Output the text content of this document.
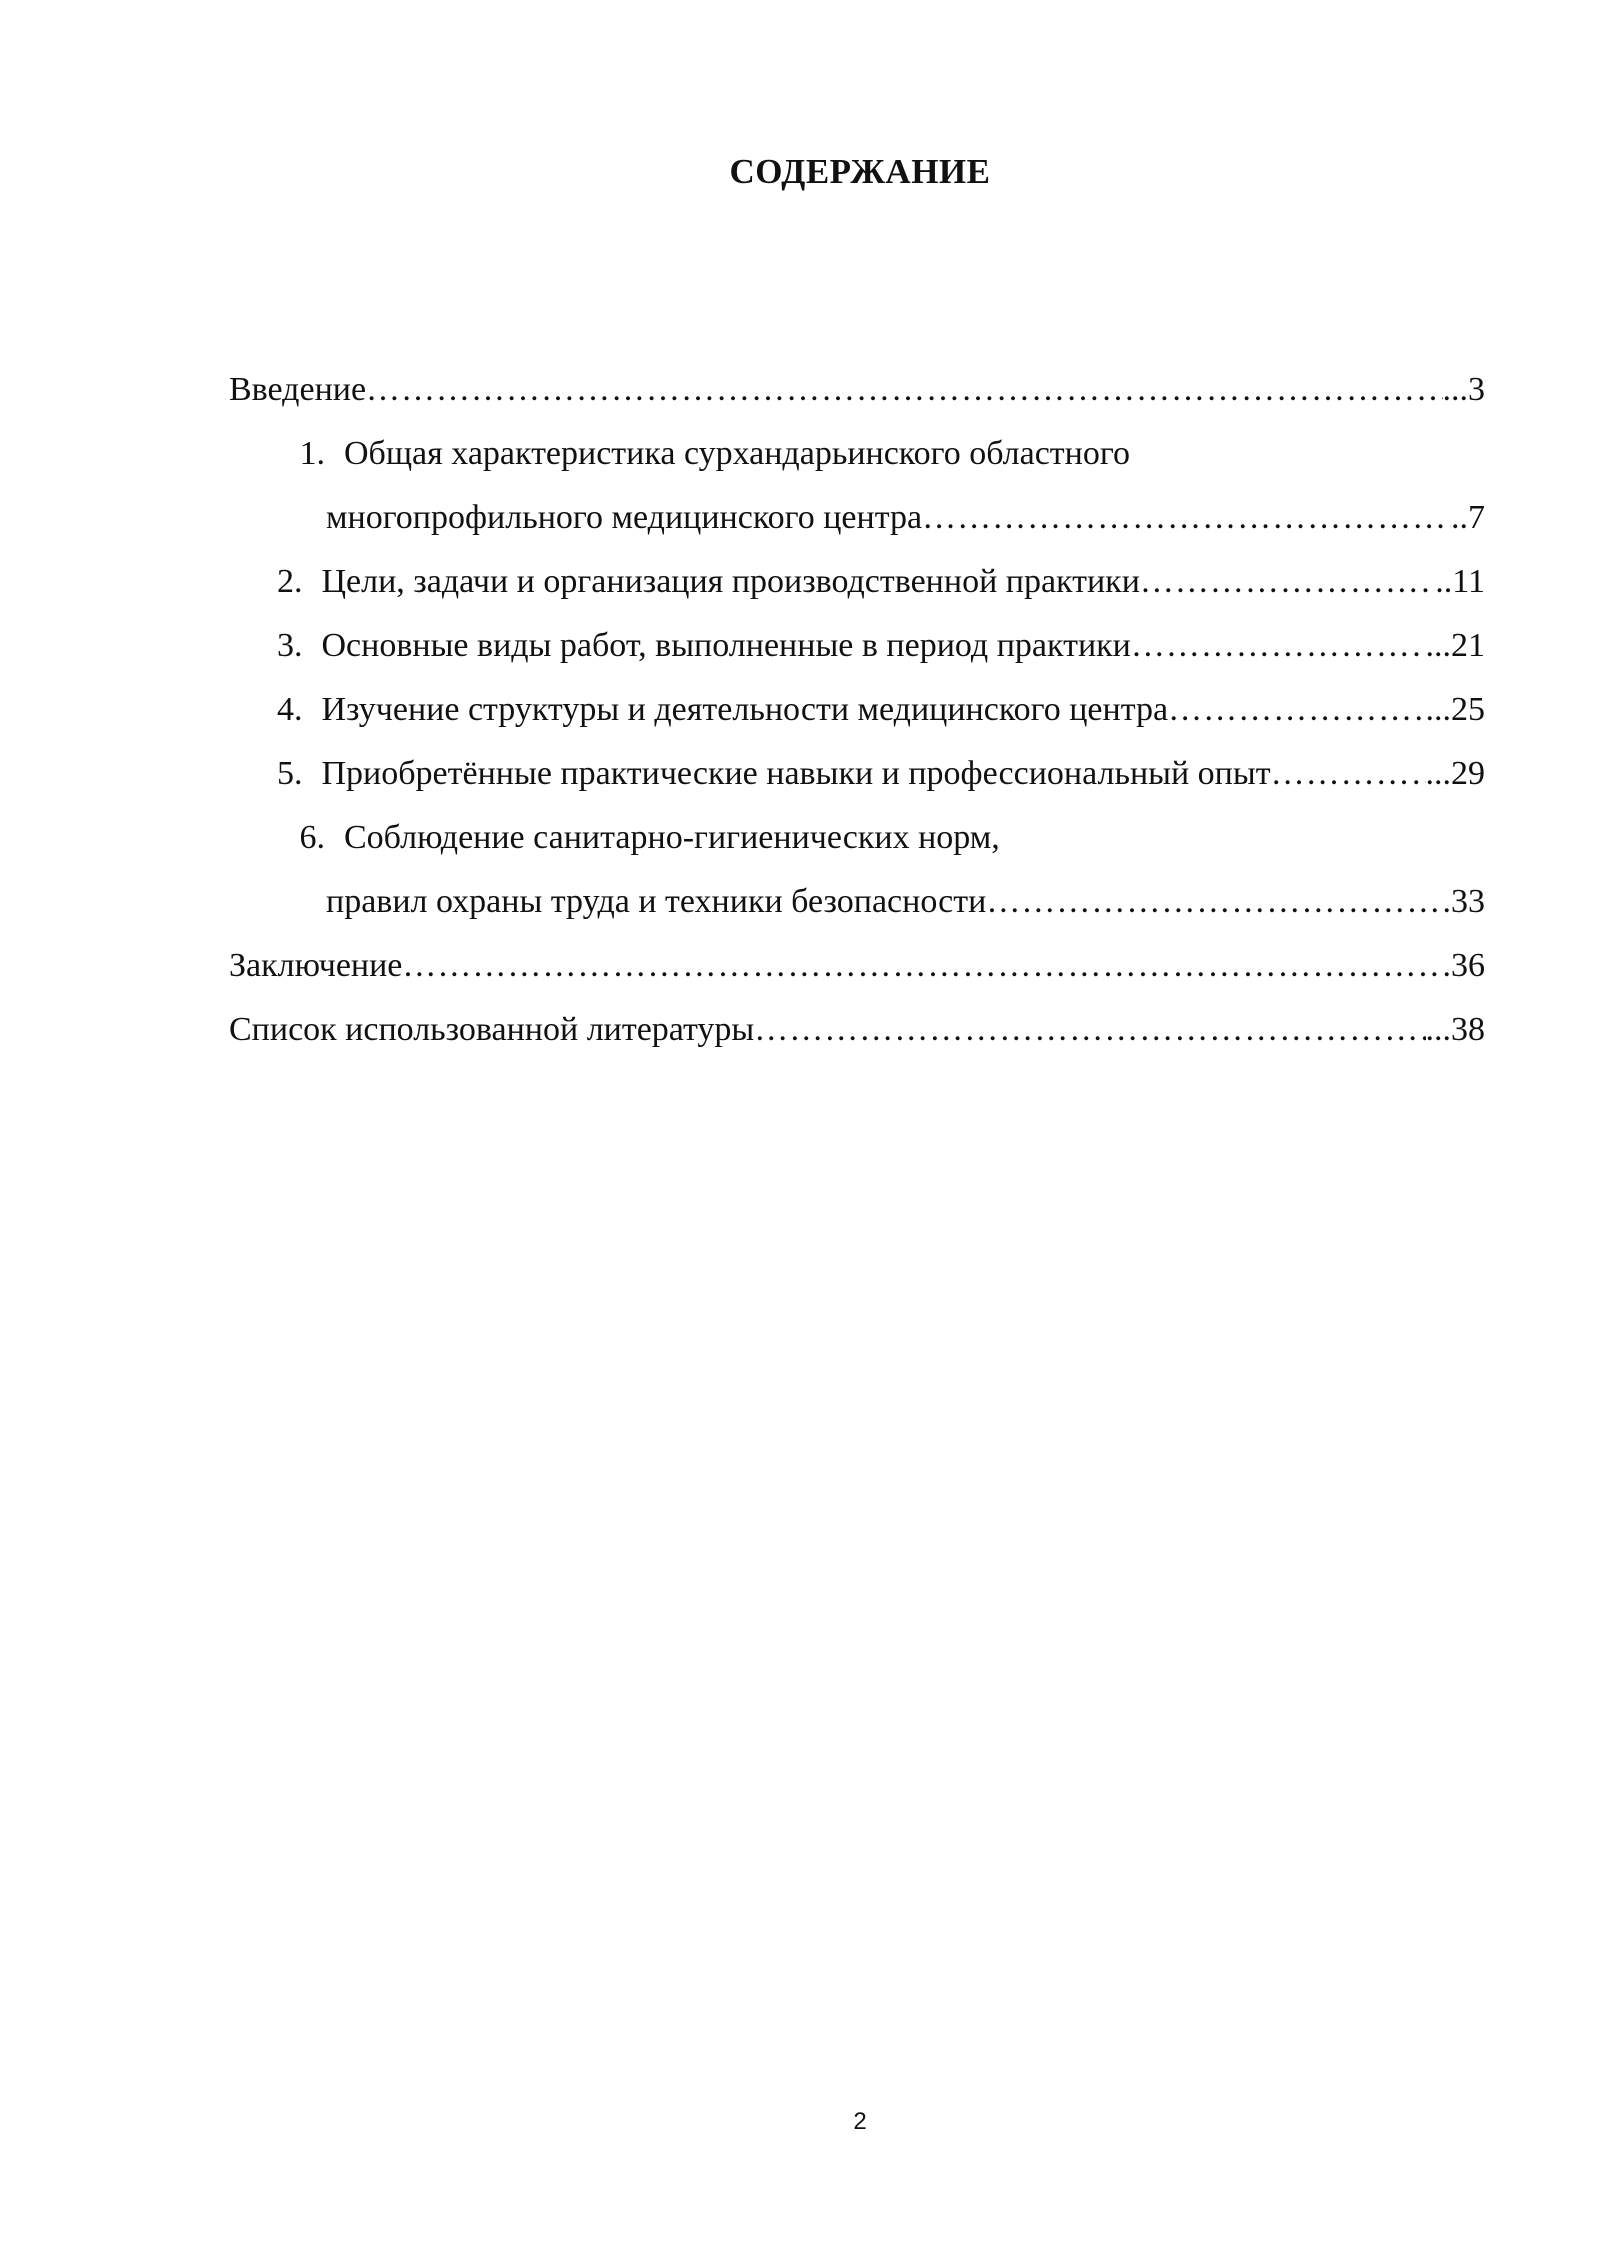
СОДЕРЖАНИЕ
Введение ………………………………………………………………………………………………………………………………………………………………………………………………………………………………	...3
1. Общая характеристика сурхандарьинского областного
многопрофильного медицинского центра ………………………………………………………………………………………………………………………………………………………………………………………………………………………………	..7
2. Цели, задачи и организация производственной практики ………………………………………………………………………………………………………………………………………………………………………………………………………………………………	..11
3. Основные виды работ, выполненные в период практики ………………………………………………………………………………………………………………………………………………………………………………………………………………………………	...21
4. Изучение структуры и деятельности медицинского центра ………………………………………………………………………………………………………………………………………………………………………………………………………………………………	...25
5. Приобретённые практические навыки и профессиональный опыт ………………………………………………………………………………………………………………………………………………………………………………………………………………………………	...29
6. Соблюдение санитарно-гигиенических норм,
правил охраны труда и техники безопасности ………………………………………………………………………………………………………………………………………………………………………………………………………………………………	.33
Заключение ………………………………………………………………………………………………………………………………………………………………………………………………………………………………	.36
Список использованной литературы ………………………………………………………………………………………………………………………………………………………………………………………………………………………………	...38
2
